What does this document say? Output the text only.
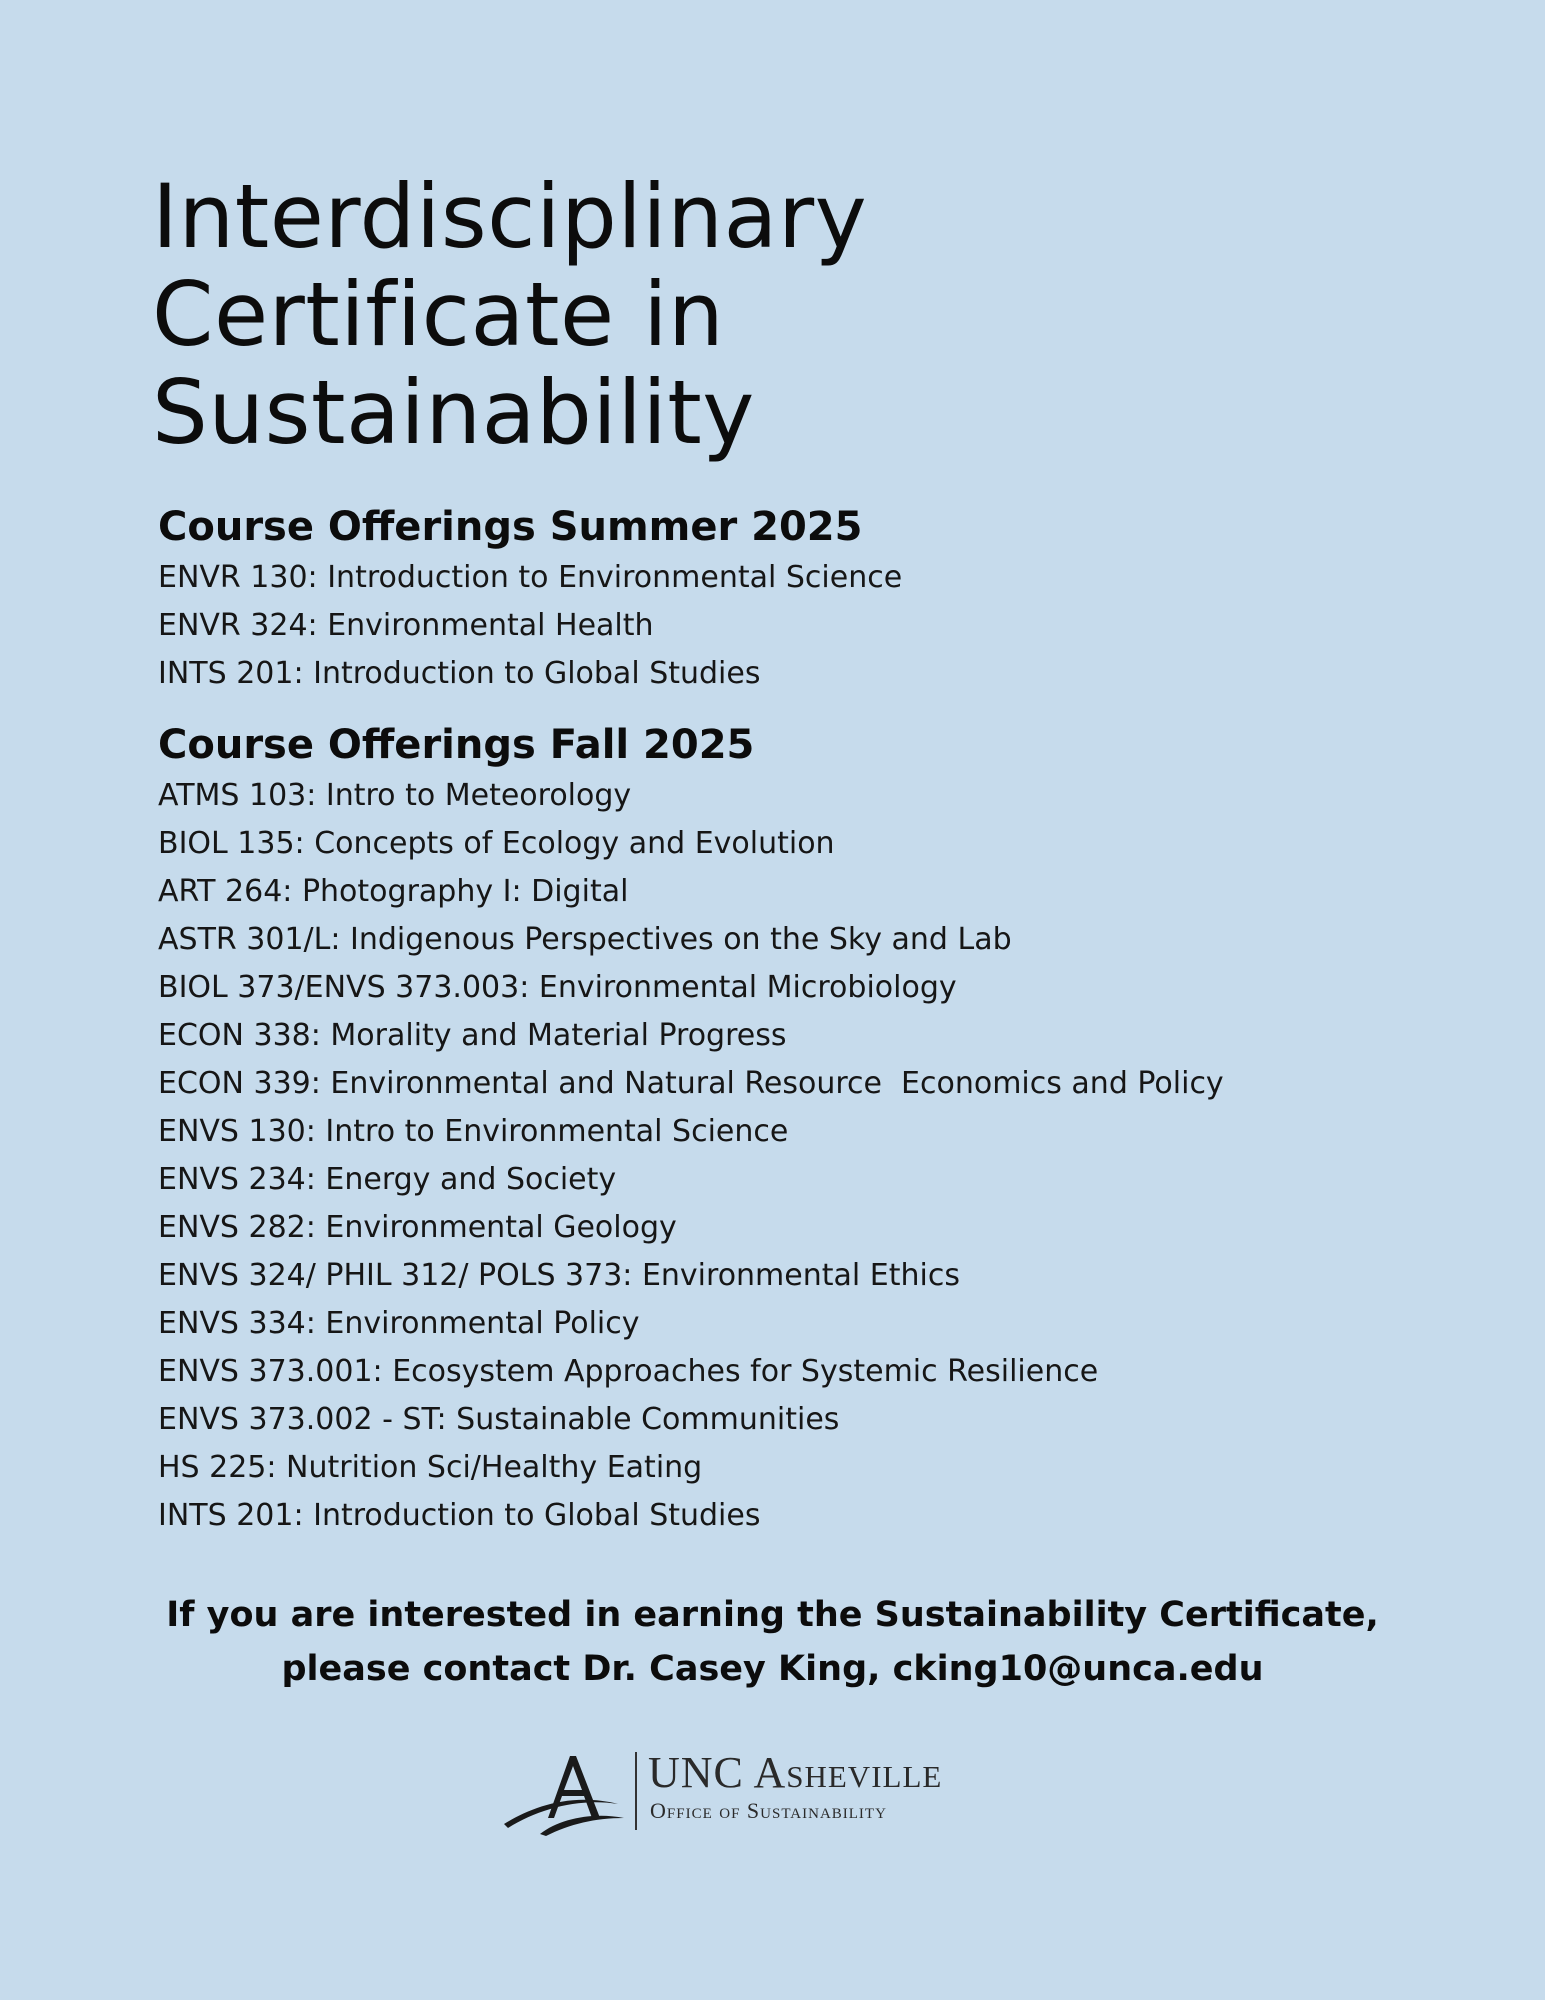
Interdisciplinary
Certificate in
Sustainability
Course Offerings Summer 2025
ENVR 130: Introduction to Environmental Science
ENVR 324: Environmental Health
INTS 201: Introduction to Global Studies
Course Offerings Fall 2025
ATMS 103: Intro to Meteorology
BIOL 135: Concepts of Ecology and Evolution
ART 264: Photography I: Digital
ASTR 301/L: Indigenous Perspectives on the Sky and Lab
BIOL 373/ENVS 373.003: Environmental Microbiology
ECON 338: Morality and Material Progress
ECON 339: Environmental and Natural Resource  Economics and Policy
ENVS 130: Intro to Environmental Science
ENVS 234: Energy and Society
ENVS 282: Environmental Geology
ENVS 324/ PHIL 312/ POLS 373: Environmental Ethics
ENVS 334: Environmental Policy
ENVS 373.001: Ecosystem Approaches for Systemic Resilience
ENVS 373.002 - ST: Sustainable Communities
HS 225: Nutrition Sci/Healthy Eating
INTS 201: Introduction to Global Studies

If you are interested in earning the Sustainability Certificate,
please contact Dr. Casey King, cking10@unca.edu

UNC Asheville
Office of Sustainability
